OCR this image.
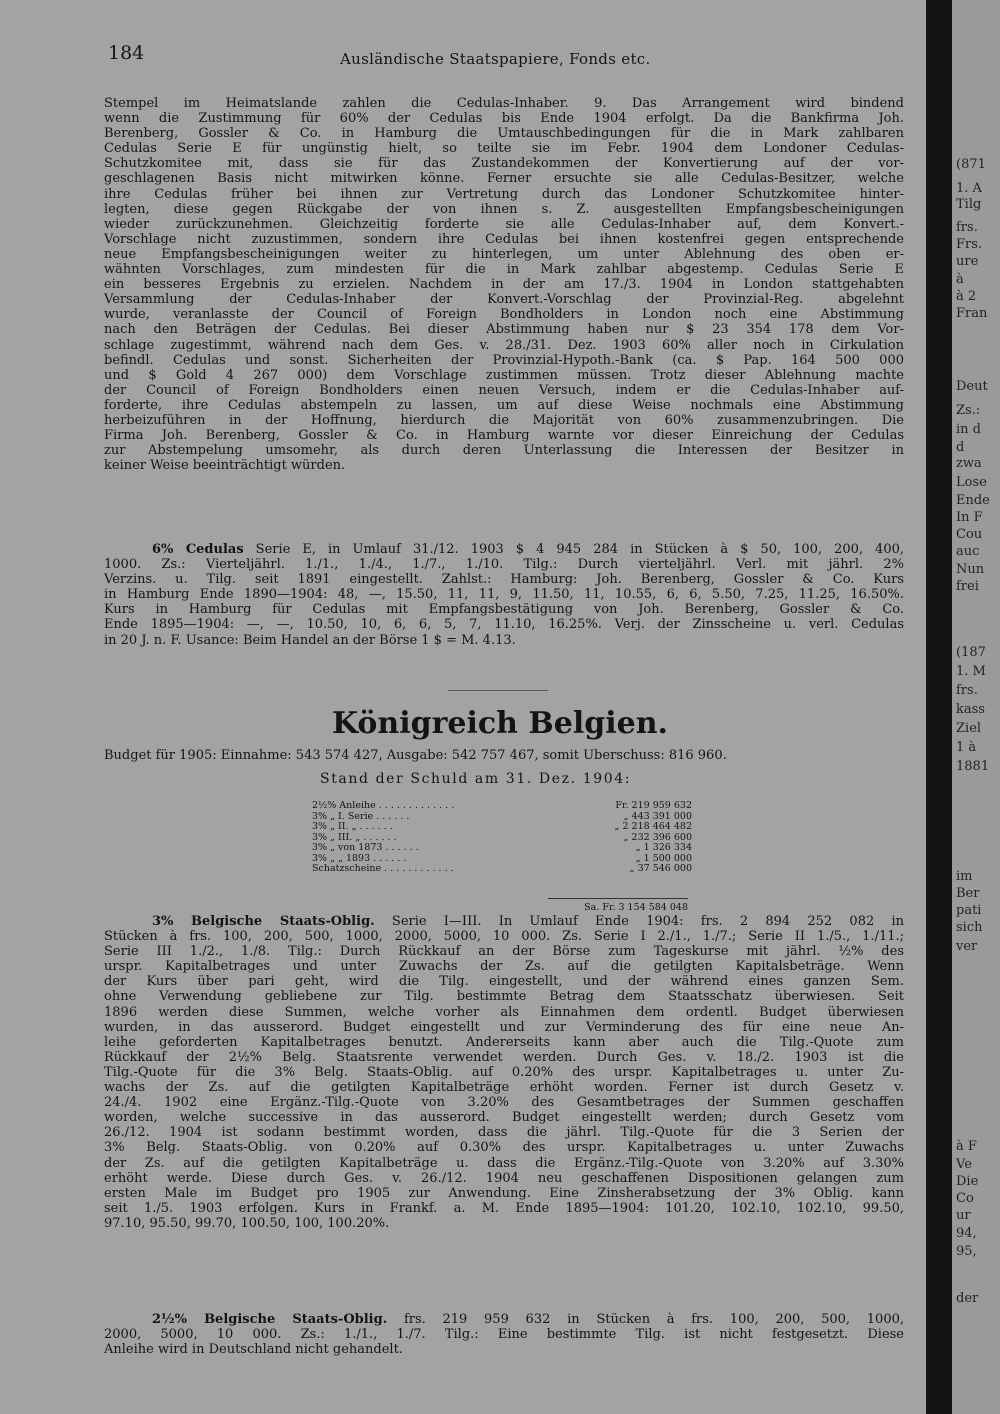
184	Ausländische Staatspapiere, Fonds etc.
Stempel im Heimatslande zahlen die Cedulas-Inhaber. 9. Das Arrangement wird bindend
wenn die Zustimmung für 60% der Cedulas bis Ende 1904 erfolgt. Da die Bankfirma Joh.
Berenberg, Gossler & Co. in Hamburg die Umtauschbedingungen für die in Mark zahlbaren
Cedulas Serie E für ungünstig hielt, so teilte sie im Febr. 1904 dem Londoner Cedulas-
Schutzkomitee mit, dass sie für das Zustandekommen der Konvertierung auf der vor-
geschlagenen Basis nicht mitwirken könne. Ferner ersuchte sie alle Cedulas-Besitzer, welche
ihre Cedulas früher bei ihnen zur Vertretung durch das Londoner Schutzkomitee hinter-
legten, diese gegen Rückgabe der von ihnen s. Z. ausgestellten Empfangsbescheinigungen
wieder zurückzunehmen. Gleichzeitig forderte sie alle Cedulas-Inhaber auf, dem Konvert.-
Vorschlage nicht zuzustimmen, sondern ihre Cedulas bei ihnen kostenfrei gegen entsprechende
neue Empfangsbescheinigungen weiter zu hinterlegen, um unter Ablehnung des oben er-
wähnten Vorschlages, zum mindesten für die in Mark zahlbar abgestemp. Cedulas Serie E
ein besseres Ergebnis zu erzielen. Nachdem in der am 17./3. 1904 in London stattgehabten
Versammlung der Cedulas-Inhaber der Konvert.-Vorschlag der Provinzial-Reg. abgelehnt
wurde, veranlasste der Council of Foreign Bondholders in London noch eine Abstimmung
nach den Beträgen der Cedulas. Bei dieser Abstimmung haben nur $ 23 354 178 dem Vor-
schlage zugestimmt, während nach dem Ges. v. 28./31. Dez. 1903 60% aller noch in Cirkulation
befindl. Cedulas und sonst. Sicherheiten der Provinzial-Hypoth.-Bank (ca. $ Pap. 164 500 000
und $ Gold 4 267 000) dem Vorschlage zustimmen müssen. Trotz dieser Ablehnung machte
der Council of Foreign Bondholders einen neuen Versuch, indem er die Cedulas-Inhaber auf-
forderte, ihre Cedulas abstempeln zu lassen, um auf diese Weise nochmals eine Abstimmung
herbeizuführen in der Hoffnung, hierdurch die Majorität von 60% zusammenzubringen. Die
Firma Joh. Berenberg, Gossler & Co. in Hamburg warnte vor dieser Einreichung der Cedulas
zur Abstempelung umsomehr, als durch deren Unterlassung die Interessen der Besitzer in
keiner Weise beeinträchtigt würden.
6% Cedulas Serie E, in Umlauf 31./12. 1903 $ 4 945 284 in Stücken à $ 50, 100, 200, 400,
1000. Zs.: Vierteljährl. 1./1., 1./4., 1./7., 1./10. Tilg.: Durch vierteljährl. Verl. mit jährl. 2%
Verzins. u. Tilg. seit 1891 eingestellt. Zahlst.: Hamburg: Joh. Berenberg, Gossler & Co. Kurs
in Hamburg Ende 1890—1904: 48, —, 15.50, 11, 11, 9, 11.50, 11, 10.55, 6, 6, 5.50, 7.25, 11.25, 16.50%.
Kurs in Hamburg für Cedulas mit Empfangsbestätigung von Joh. Berenberg, Gossler & Co.
Ende 1895—1904: —, —, 10.50, 10, 6, 6, 5, 7, 11.10, 16.25%. Verj. der Zinsscheine u. verl. Cedulas
in 20 J. n. F. Usance: Beim Handel an der Börse 1 $ = M. 4.13.
Königreich Belgien.
Budget für 1905: Einnahme: 543 574 427, Ausgabe: 542 757 467, somit Überschuss: 816 960.
Stand der Schuld am 31. Dez. 1904:
2½% Anleihe . . . . . . . . . . . . .	Fr. 219 959 632
3% „ I. Serie . . . . . .	„ 443 391 000
3% „ II. „ . . . . . .	„ 2 218 464 482
3% „ III. „ . . . . . .	„ 232 396 600
3% „ von 1873 . . . . . .	„ 1 326 334
3% „ „ 1893 . . . . . .	„ 1 500 000
Schatzscheine . . . . . . . . . . . .	„ 37 546 000
Sa. Fr. 3 154 584 048
3% Belgische Staats-Oblig. Serie I—III. In Umlauf Ende 1904: frs. 2 894 252 082 in
Stücken à frs. 100, 200, 500, 1000, 2000, 5000, 10 000. Zs. Serie I 2./1., 1./7.; Serie II 1./5., 1./11.;
Serie III 1./2., 1./8. Tilg.: Durch Rückkauf an der Börse zum Tageskurse mit jährl. ½% des
urspr. Kapitalbetrages und unter Zuwachs der Zs. auf die getilgten Kapitalsbeträge. Wenn
der Kurs über pari geht, wird die Tilg. eingestellt, und der während eines ganzen Sem.
ohne Verwendung gebliebene zur Tilg. bestimmte Betrag dem Staatsschatz überwiesen. Seit
1896 werden diese Summen, welche vorher als Einnahmen dem ordentl. Budget überwiesen
wurden, in das ausserord. Budget eingestellt und zur Verminderung des für eine neue An-
leihe geforderten Kapitalbetrages benutzt. Andererseits kann aber auch die Tilg.-Quote zum
Rückkauf der 2½% Belg. Staatsrente verwendet werden. Durch Ges. v. 18./2. 1903 ist die
Tilg.-Quote für die 3% Belg. Staats-Oblig. auf 0.20% des urspr. Kapitalbetrages u. unter Zu-
wachs der Zs. auf die getilgten Kapitalbeträge erhöht worden. Ferner ist durch Gesetz v.
24./4. 1902 eine Ergänz.-Tilg.-Quote von 3.20% des Gesamtbetrages der Summen geschaffen
worden, welche successive in das ausserord. Budget eingestellt werden; durch Gesetz vom
26./12. 1904 ist sodann bestimmt worden, dass die jährl. Tilg.-Quote für die 3 Serien der
3% Belg. Staats-Oblig. von 0.20% auf 0.30% des urspr. Kapitalbetrages u. unter Zuwachs
der Zs. auf die getilgten Kapitalbeträge u. dass die Ergänz.-Tilg.-Quote von 3.20% auf 3.30%
erhöht werde. Diese durch Ges. v. 26./12. 1904 neu geschaffenen Dispositionen gelangen zum
ersten Male im Budget pro 1905 zur Anwendung. Eine Zinsherabsetzung der 3% Oblig. kann
seit 1./5. 1903 erfolgen. Kurs in Frankf. a. M. Ende 1895—1904: 101.20, 102.10, 102.10, 99.50,
97.10, 95.50, 99.70, 100.50, 100, 100.20%.
2½% Belgische Staats-Oblig. frs. 219 959 632 in Stücken à frs. 100, 200, 500, 1000,
2000, 5000, 10 000. Zs.: 1./1., 1./7. Tilg.: Eine bestimmte Tilg. ist nicht festgesetzt. Diese
Anleihe wird in Deutschland nicht gehandelt.
(871
1. A
Tilg
frs.
Frs.
ure
à
à 2
Fran
Deut
Zs.:
in d
d
zwa
Lose
Ende
In F
Cou
auc
Nun
frei
(187
1. M
frs.
kass
Ziel
1 à
1881
im
Ber
pati
sich
ver
à F
Ve
Die
Co
ur
94,
95,
der
